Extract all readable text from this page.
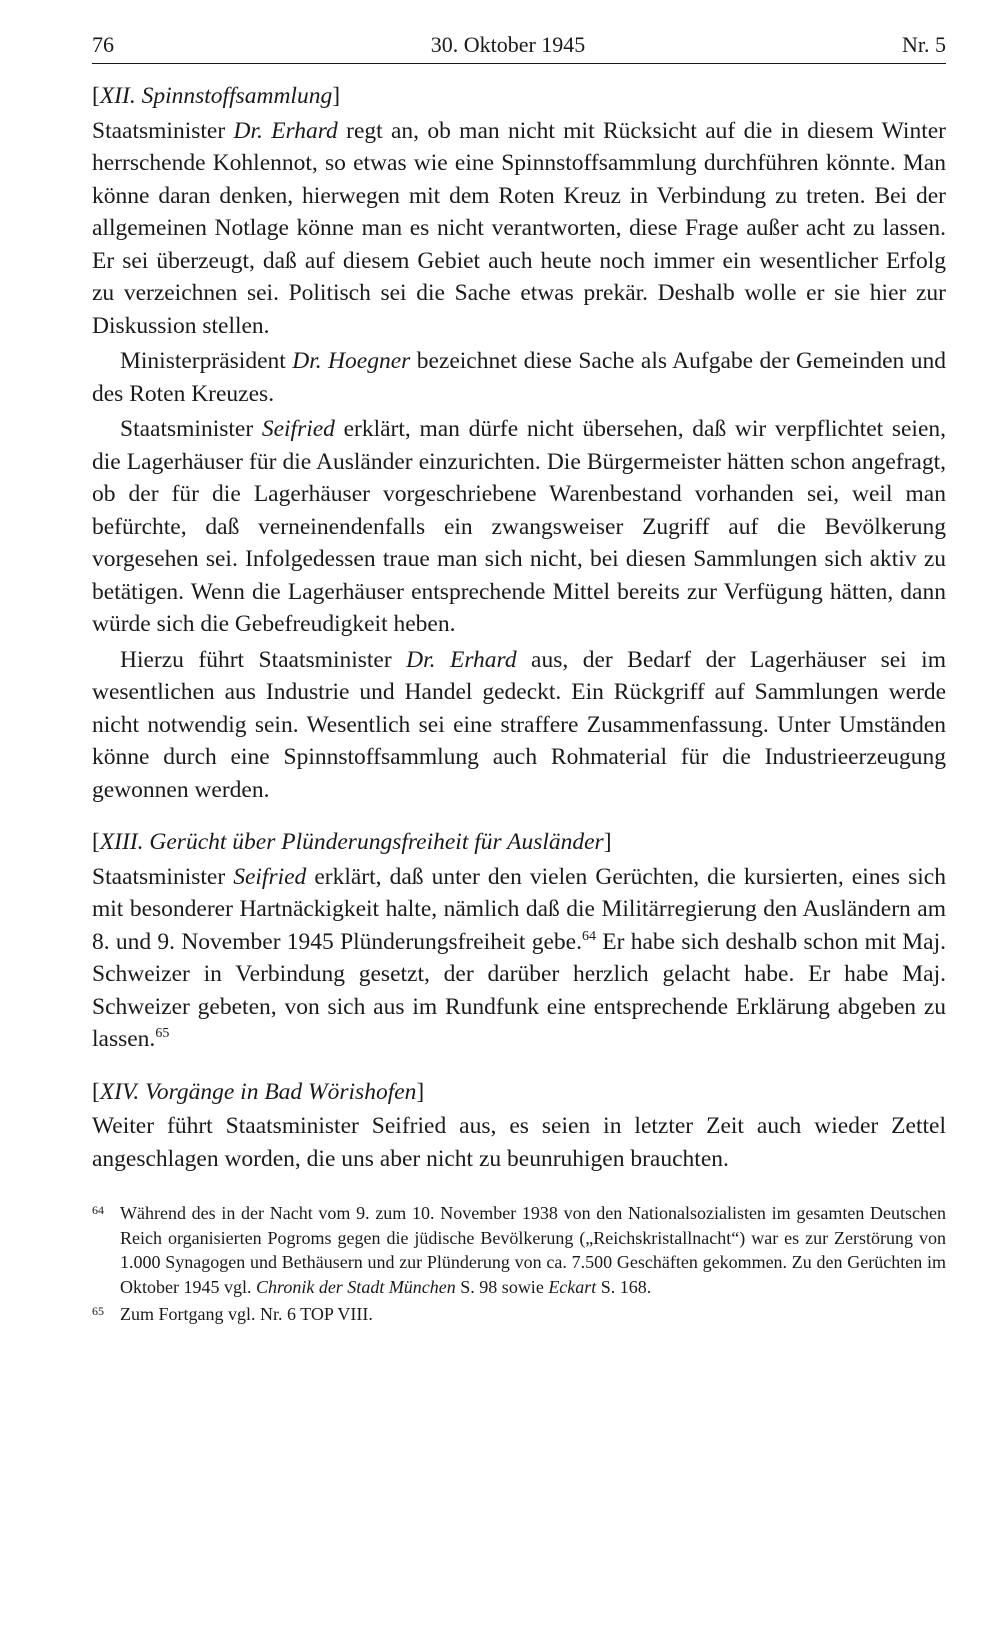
76	30. Oktober 1945	Nr. 5
[XII. Spinnstoffsammlung]

Staatsminister Dr. Erhard regt an, ob man nicht mit Rücksicht auf die in diesem Winter herrschende Kohlennot, so etwas wie eine Spinnstoffsammlung durchführen könnte. Man könne daran denken, hierwegen mit dem Roten Kreuz in Verbindung zu treten. Bei der allgemeinen Notlage könne man es nicht verantworten, diese Frage außer acht zu lassen. Er sei überzeugt, daß auf diesem Gebiet auch heute noch immer ein wesentlicher Erfolg zu verzeichnen sei. Politisch sei die Sache etwas prekär. Deshalb wolle er sie hier zur Diskussion stellen.

Ministerpräsident Dr. Hoegner bezeichnet diese Sache als Aufgabe der Gemeinden und des Roten Kreuzes.

Staatsminister Seifried erklärt, man dürfe nicht übersehen, daß wir verpflichtet seien, die Lagerhäuser für die Ausländer einzurichten. Die Bürgermeister hätten schon angefragt, ob der für die Lagerhäuser vorgeschriebene Warenbestand vorhanden sei, weil man befürchte, daß verneinendenfalls ein zwangsweiser Zugriff auf die Bevölkerung vorgesehen sei. Infolgedessen traue man sich nicht, bei diesen Sammlungen sich aktiv zu betätigen. Wenn die Lagerhäuser entsprechende Mittel bereits zur Verfügung hätten, dann würde sich die Gebefreudigkeit heben.

Hierzu führt Staatsminister Dr. Erhard aus, der Bedarf der Lagerhäuser sei im wesentlichen aus Industrie und Handel gedeckt. Ein Rückgriff auf Sammlungen werde nicht notwendig sein. Wesentlich sei eine straffere Zusammenfassung. Unter Umständen könne durch eine Spinnstoffsammlung auch Rohmaterial für die Industrieerzeugung gewonnen werden.

[XIII. Gerücht über Plünderungsfreiheit für Ausländer]

Staatsminister Seifried erklärt, daß unter den vielen Gerüchten, die kursierten, eines sich mit besonderer Hartnäckigkeit halte, nämlich daß die Militärregierung den Ausländern am 8. und 9. November 1945 Plünderungsfreiheit gebe.$^{64}$ Er habe sich deshalb schon mit Maj. Schweizer in Verbindung gesetzt, der darüber herzlich gelacht habe. Er habe Maj. Schweizer gebeten, von sich aus im Rundfunk eine entsprechende Erklärung abgeben zu lassen.$^{65}$

[XIV. Vorgänge in Bad Wörishofen]

Weiter führt Staatsminister Seifried aus, es seien in letzter Zeit auch wieder Zettel angeschlagen worden, die uns aber nicht zu beunruhigen brauchten.

64 Während des in der Nacht vom 9. zum 10. November 1938 von den Nationalsozialisten im gesamten Deutschen Reich organisierten Pogroms gegen die jüdische Bevölkerung („Reichskristallnacht“) war es zur Zerstörung von 1.000 Synagogen und Bethäusern und zur Plünderung von ca. 7.500 Geschäften gekommen. Zu den Gerüchten im Oktober 1945 vgl. Chronik der Stadt München S. 98 sowie Eckart S. 168.
65 Zum Fortgang vgl. Nr. 6 TOP VIII.
